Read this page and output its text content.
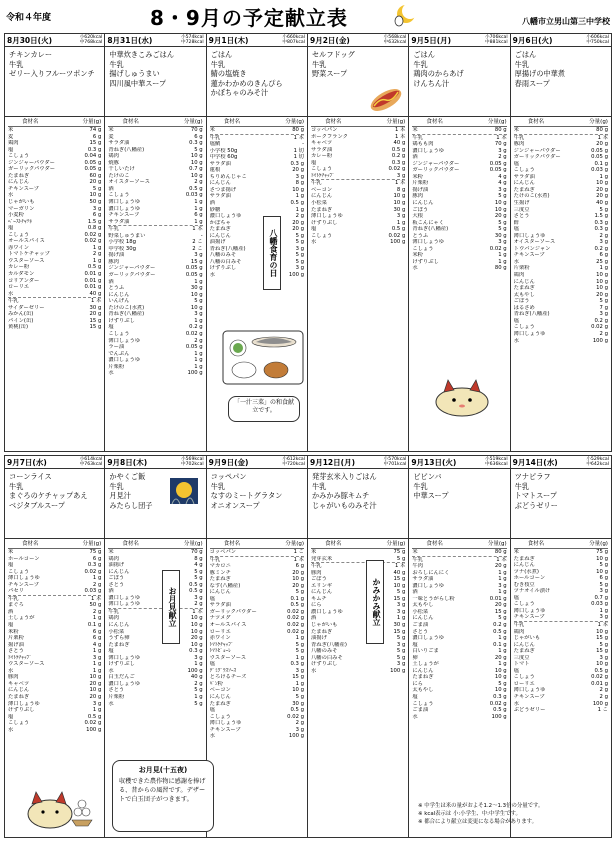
令和４年度	8・9月の予定献立表	八幡市立男山第三中学校
8月30日(火)	小620kcal
中768kcal
チキンカレー
牛乳
ゼリー入りフルーツポンチ
食材名	分量(g)
米	74 g
麦	6 g
鶏肉	15 g
塩	0.3 g
こしょう	0.04 g
ジンジャーパウダー	0.05 g
ガーリックパウダー	0.05 g
たまねぎ	60 g
にんじん	20 g
チキンスープ	5 g
水	10 g
じゃがいも	50 g
マーガリン	3 g
小麦粉	6 g
ﾍﾞｰｽﾄﾁｬﾂﾈ	1.5 g
塩	0.8 g
こしょう	0.02 g
オールスパイス	0.02 g
赤ワイン	1 g
トマトケチャップ	2 g
ウスターソース	1 g
カレー粉	0.5 g
カルダモン	0.01 g
コリアンダー	0.01 g
ローリエ	0.01 g
水	40 g
牛乳	1 本
サイダーゼリー	30 g
みかん(缶)	20 g
パイン(缶)	15 g
黄桃(缶)	15 g
8月31日(水)	小574kcal
中728kcal
中華炊きこみごはん
牛乳
揚げしゅうまい
四川風中華スープ
食材名	分量(g)
米	70 g
麦	6 g
サラダ油	0.3 g
青ねぎ(八幡産)	5 g
鶏肉	10 g
焼豚	10 g
干しいたけ	0.7 g
たけのこ	10 g
オイスターソース	2 g
酒	0.5 g
こしょう	0.03 g
薄口しょうゆ	1 g
濃口しょうゆ	1 g
チキンスープ	6 g
サラダ油	1 g
牛乳	1 本
野菜しゅうまい	-
小学校 18g	2 こ
中学校 30g	2 こ
揚げ油	3 g
豚肉	15 g
ジンジャーパウダー	0.05 g
ガーリックパウダー	0.05 g
酒	1 g
とうふ	30 g
にんじん	10 g
いんげん	5 g
たけのこ(水煮)	10 g
青ねぎ(八幡産)	3 g
けずりぶし	1 g
塩	0.2 g
こしょう	0.02 g
薄口しょうゆ	2 g
ラー油	0.05 g
でんぷん	1 g
濃口しょうゆ	1 g
片栗粉	1 g
水	100 g
9月1日(木)	小660kcal
中807kcal
ごはん
牛乳
鯖の塩焼き
蓮かわかめのきんぴら
かぼちゃのみそ汁
食材名	分量(g)
米	80 g
牛乳	1 本
塩鯖	-
小学校 50g	1 切
中学校 60g	1 切
サラダ油	0.3 g
蓮根	20 g
ちりめんじゃこ	3 g
にんじん	8 g
さつま揚げ	10 g
サラダ油	1 g
酒	0.5 g
砂糖	1 g
濃口しょうゆ	2 g
かぼちゃ	20 g
たまねぎ	20 g
にんじん	5 g
油揚げ	5 g
青ねぎ(八幡産)	3 g
八幡のみそ	5 g
八幡の白みそ	5 g
けずりぶし	3 g
水	100 g
9月2日(金)	小568kcal
中632kcal
セルフドッグ
牛乳
野菜スープ
食材名	分量(g)
コッペパン	1 本
ポークフランク	1 本
キャベツ	40 g
サラダ油	0.5 g
カレー粉	0.2 g
塩	0.3 g
こしょう	0.02 g
ﾄﾏﾄｹﾁｬｯﾌﾟ	3 g
牛乳	1 本
ベーコン	8 g
にんじん	10 g
小松菜	10 g
たまねぎ	30 g
薄口しょうゆ	3 g
けずりぶし	1 g
塩	0.5 g
こしょう	0.02 g
水	100 g
9月5日(月)	小706kcal
中881kcal
ごはん
牛乳
鶏肉のからあげ
けんちん汁
食材名	分量(g)
米	80 g
牛乳	1 本
鶏もも肉	70 g
濃口しょうゆ	3 g
酒	2 g
ジンジャーパウダー	0.05 g
ガーリックパウダー	0.05 g
米粉	4 g
片栗粉	4 g
揚げ油	3 g
豚肉	5 g
にんじん	10 g
ごぼう	10 g
大根	20 g
板こんにゃく	5 g
青ねぎ(八幡産)	5 g
とうふ	30 g
薄口しょうゆ	3 g
こしょう	0.02 g
米粉	1 g
けずりぶし	1 g
水	80 g
9月6日(火)	小606kcal
中750kcal
ごはん
牛乳
厚揚げの中華煮
春雨スープ
食材名	分量(g)
米	80 g
牛乳	1 本
豚肉	20 g
ジンジャーパウダー	0.05 g
ガーリックパウダー	0.05 g
塩	0.1 g
こしょう	0.03 g
サラダ油	1 g
にんじん	10 g
たまねぎ	20 g
たけのこ(水煮)	20 g
生揚げ	40 g
三度豆	5 g
さとう	1.5 g
酢	0.3 g
塩	0.3 g
薄口しょうゆ	2 g
オイスターソース	3 g
トウバンジャン	0.2 g
チキンスープ	6 g
水	25 g
片栗粉	1 g
鶏肉	10 g
にんじん	10 g
たまねぎ	10 g
太もやし	20 g
ごぼう	5 g
はるさめ	7 g
青ねぎ(八幡産)	3 g
塩	0.2 g
こしょう	0.02 g
薄口しょうゆ	2 g
水	100 g
9月7日(水)	小614kcal
中763kcal
コーンライス
牛乳
まぐろのケチャップあえ
ベジタブルスープ
食材名	分量(g)
米	75 g
ホールコーン	6 g
塩	0.3 g
こしょう	0.02 g
薄口しょうゆ	1 g
チキンスープ	2 g
パセリ	0.03 g
牛乳	1 本
まぐろ	50 g
酒	2 g
土しょうが	1 g
塩	0.1 g
米粉	6 g
片栗粉	6 g
揚げ油	4 g
さとう	1 g
ﾄﾏﾄｹﾁｬｯﾌﾟ	3 g
ウスターソース	1 g
水	1 g
豚肉	10 g
キャベツ	20 g
にんじん	10 g
たまねぎ	20 g
薄口しょうゆ	3 g
けずりぶし	1 g
塩	0.5 g
こしょう	0.02 g
水	100 g
9月8日(木)	小569kcal
中702kcal
かやくご飯
牛乳
月見汁
みたらし団子
食材名	分量(g)
米	70 g
鶏肉	8 g
油揚げ	4 g
にんじん	5 g
ごぼう	5 g
さとう	0.5 g
酒	0.5 g
濃口しょうゆ	3 g
薄口しょうゆ	2 g
牛乳	1 本
鶏肉	10 g
にんじん	10 g
小松菜	10 g
うずら卵	20 g
たまねぎ	10 g
塩	0.3 g
薄口しょうゆ	3 g
けずりぶし	1 g
水	100 g
白玉だんご	40 g
濃口しょうゆ	2 g
さとう	5 g
片栗粉	1 g
水	5 g
9月9日(金)	小612kcal
中720kcal
コッペパン
牛乳
なすのミートグラタン
オニオンスープ
食材名	分量(g)
コッペパン	1 こ
牛乳	1 本
マカロニ	6 g
豚ミンチ	20 g
たまねぎ	10 g
なす(八幡産)	20 g
にんじん	5 g
塩	0.1 g
サラダ油	0.5 g
ガーリックパウダー	0.02 g
ナツメグ	0.02 g
オールスパイス	0.02 g
ローリエ	0.02 g
赤ワイン	1 g
ﾄﾏﾄｹﾁｬｯﾌﾟ	5 g
ﾄﾏﾄﾋﾟｭｰﾚ	5 g
ウスターソース	1 g
塩	0.3 g
ﾃﾞﾐｸﾞﾗｽｿｰｽ	3 g
とろけるチーズ	15 g
ﾊﾟﾝ粉	1 g
ベーコン	10 g
にんじん	5 g
たまねぎ	30 g
塩	0.5 g
こしょう	0.02 g
薄口しょうゆ	2 g
チキンスープ	3 g
水	100 g
9月12日(月)	小570kcal
中701kcal
発芽玄米入りごはん
牛乳
かみかみ豚キムチ
じゃがいものみそ汁
食材名	分量(g)
米	75 g
発芽玄米	5 g
牛乳	1 本
豚肉	40 g
ごぼう	15 g
エリンギ	10 g
にんじん	5 g
キムチ	15 g
にら	3 g
濃口しょうゆ	3 g
酒	1 g
じゃがいも	30 g
たまねぎ	15 g
油揚げ	5 g
青ねぎ(八幡産)	3 g
八幡のみそ	5 g
八幡の白みそ	5 g
けずりぶし	3 g
水	100 g
9月13日(火)	小519kcal
中636kcal
ビビンバ
牛乳
中華スープ
食材名	分量(g)
米	80 g
牛乳	1 本
牛肉	20 g
おろしにんにく	1 g
サラダ油	1 g
濃口しょうゆ	3 g
酒	1 g
一味とうがらし粉	0.01 g
太もやし	20 g
小松菜	15 g
にんじん	5 g
ごま油	0.2 g
さとう	0.5 g
濃口しょうゆ	1 g
塩	0.1 g
白いりごま	1 g
卵	20 g
土しょうが	1 g
にんじん	10 g
たまねぎ	10 g
にら	5 g
太もやし	10 g
塩	0.3 g
こしょう	0.02 g
ごま油	0.5 g
水	100 g
9月14日(水)	小529kcal
中642kcal
ツナピラフ
牛乳
トマトスープ
ぶどうゼリー
食材名	分量(g)
米	75 g
たまねぎ	10 g
にんじん	5 g
ツナ(水煮)	10 g
ホールコーン	6 g
むき枝豆	5 g
ツナオイル漬け	3 g
塩	0.7 g
こしょう	0.03 g
薄口しょうゆ	1 g
チキンスープ	3 g
牛乳	1 本
鶏肉	10 g
じゃがいも	15 g
にんじん	5 g
たまねぎ	15 g
三度豆	3 g
トマト	10 g
塩	0.5 g
こしょう	0.02 g
ローリエ	0.01 g
薄口しょうゆ	2 g
チキンスープ	2 g
水	100 g
ぶどうゼリー	1 こ
八幡食育の日
お月見献立	かみかみ献立
「一汁三菜」の和食献立です。
お月見(十五夜)
収穫できた農作物に感謝を捧げる、昔からの風習です。デザートで白玉団子がつきます。
※ 中学生は米の量がおよそ1.2～1.3倍の分量です。
※ kcal表示は 小:小学生、中:中学生です。
※ 都合により献立は変更になる場合があります。
